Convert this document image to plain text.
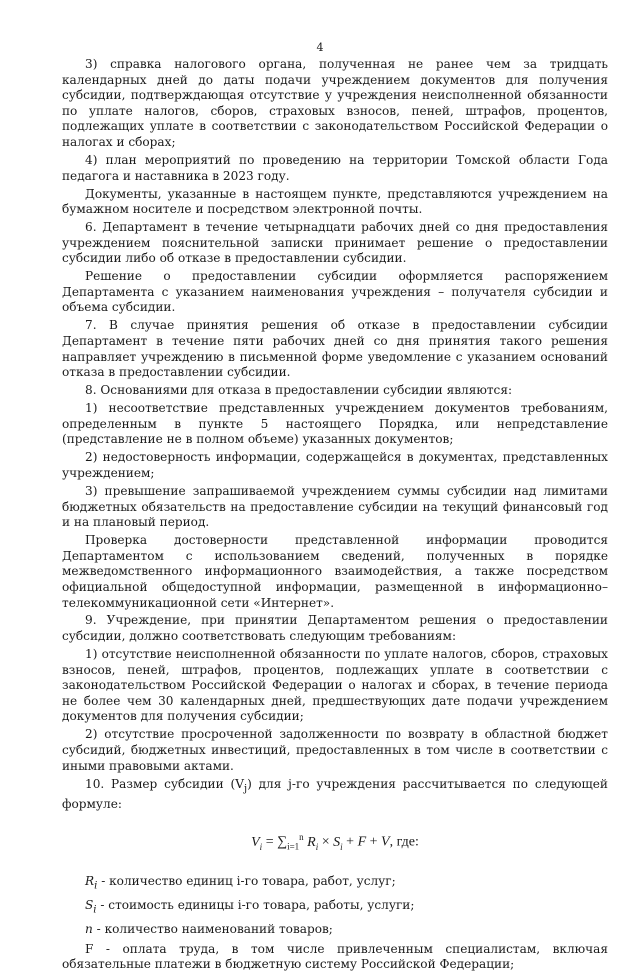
4

3) справка налогового органа, полученная не ранее чем за тридцать календарных дней до даты подачи учреждением документов для получения субсидии, подтверждающая отсутствие у учреждения неисполненной обязанности по уплате налогов, сборов, страховых взносов, пеней, штрафов, процентов, подлежащих уплате в соответствии с законодательством Российской Федерации о налогах и сборах;

4) план мероприятий по проведению на территории Томской области Года педагога и наставника в 2023 году.

Документы, указанные в настоящем пункте, представляются учреждением на бумажном носителе и посредством электронной почты.

6. Департамент в течение четырнадцати рабочих дней со дня предоставления учреждением пояснительной записки принимает решение о предоставлении субсидии либо об отказе в предоставлении субсидии.

Решение о предоставлении субсидии оформляется распоряжением Департамента с указанием наименования учреждения – получателя субсидии и объема субсидии.

7. В случае принятия решения об отказе в предоставлении субсидии Департамент в течение пяти рабочих дней со дня принятия такого решения направляет учреждению в письменной форме уведомление с указанием оснований отказа в предоставлении субсидии.

8. Основаниями для отказа в предоставлении субсидии являются:

1) несоответствие представленных учреждением документов требованиям, определенным в пункте 5 настоящего Порядка, или непредставление (представление не в полном объеме) указанных документов;

2) недостоверность информации, содержащейся в документах, представленных учреждением;

3) превышение запрашиваемой учреждением суммы субсидии над лимитами бюджетных обязательств на предоставление субсидии на текущий финансовый год и на плановый период.

Проверка достоверности представленной информации проводится Департаментом с использованием сведений, полученных в порядке межведомственного информационного взаимодействия, а также посредством официальной общедоступной информации, размещенной в информационно–телекоммуникационной сети «Интернет».

9. Учреждение, при принятии Департаментом решения о предоставлении субсидии, должно соответствовать следующим требованиям:

1) отсутствие неисполненной обязанности по уплате налогов, сборов, страховых взносов, пеней, штрафов, процентов, подлежащих уплате в соответствии с законодательством Российской Федерации о налогах и сборах, в течение периода не более чем 30 календарных дней, предшествующих дате подачи учреждением документов для получения субсидии;

2) отсутствие просроченной задолженности по возврату в областной бюджет субсидий, бюджетных инвестиций, предоставленных в том числе в соответствии с иными правовыми актами.

10. Размер субсидии $(V_j)$ для j-го учреждения рассчитывается по следующей формуле:

$V_i = \sum_{i=1}^n$ $R_i \times S_i + F + V$, где:

$R_i$ - количество единиц i-го товара, работ, услуг;

$S_i$ - стоимость единицы i-го товара, работы, услуги;

n - количество наименований товаров;

F - оплата труда, в том числе привлеченным специалистам, включая обязательные платежи в бюджетную систему Российской Федерации;
